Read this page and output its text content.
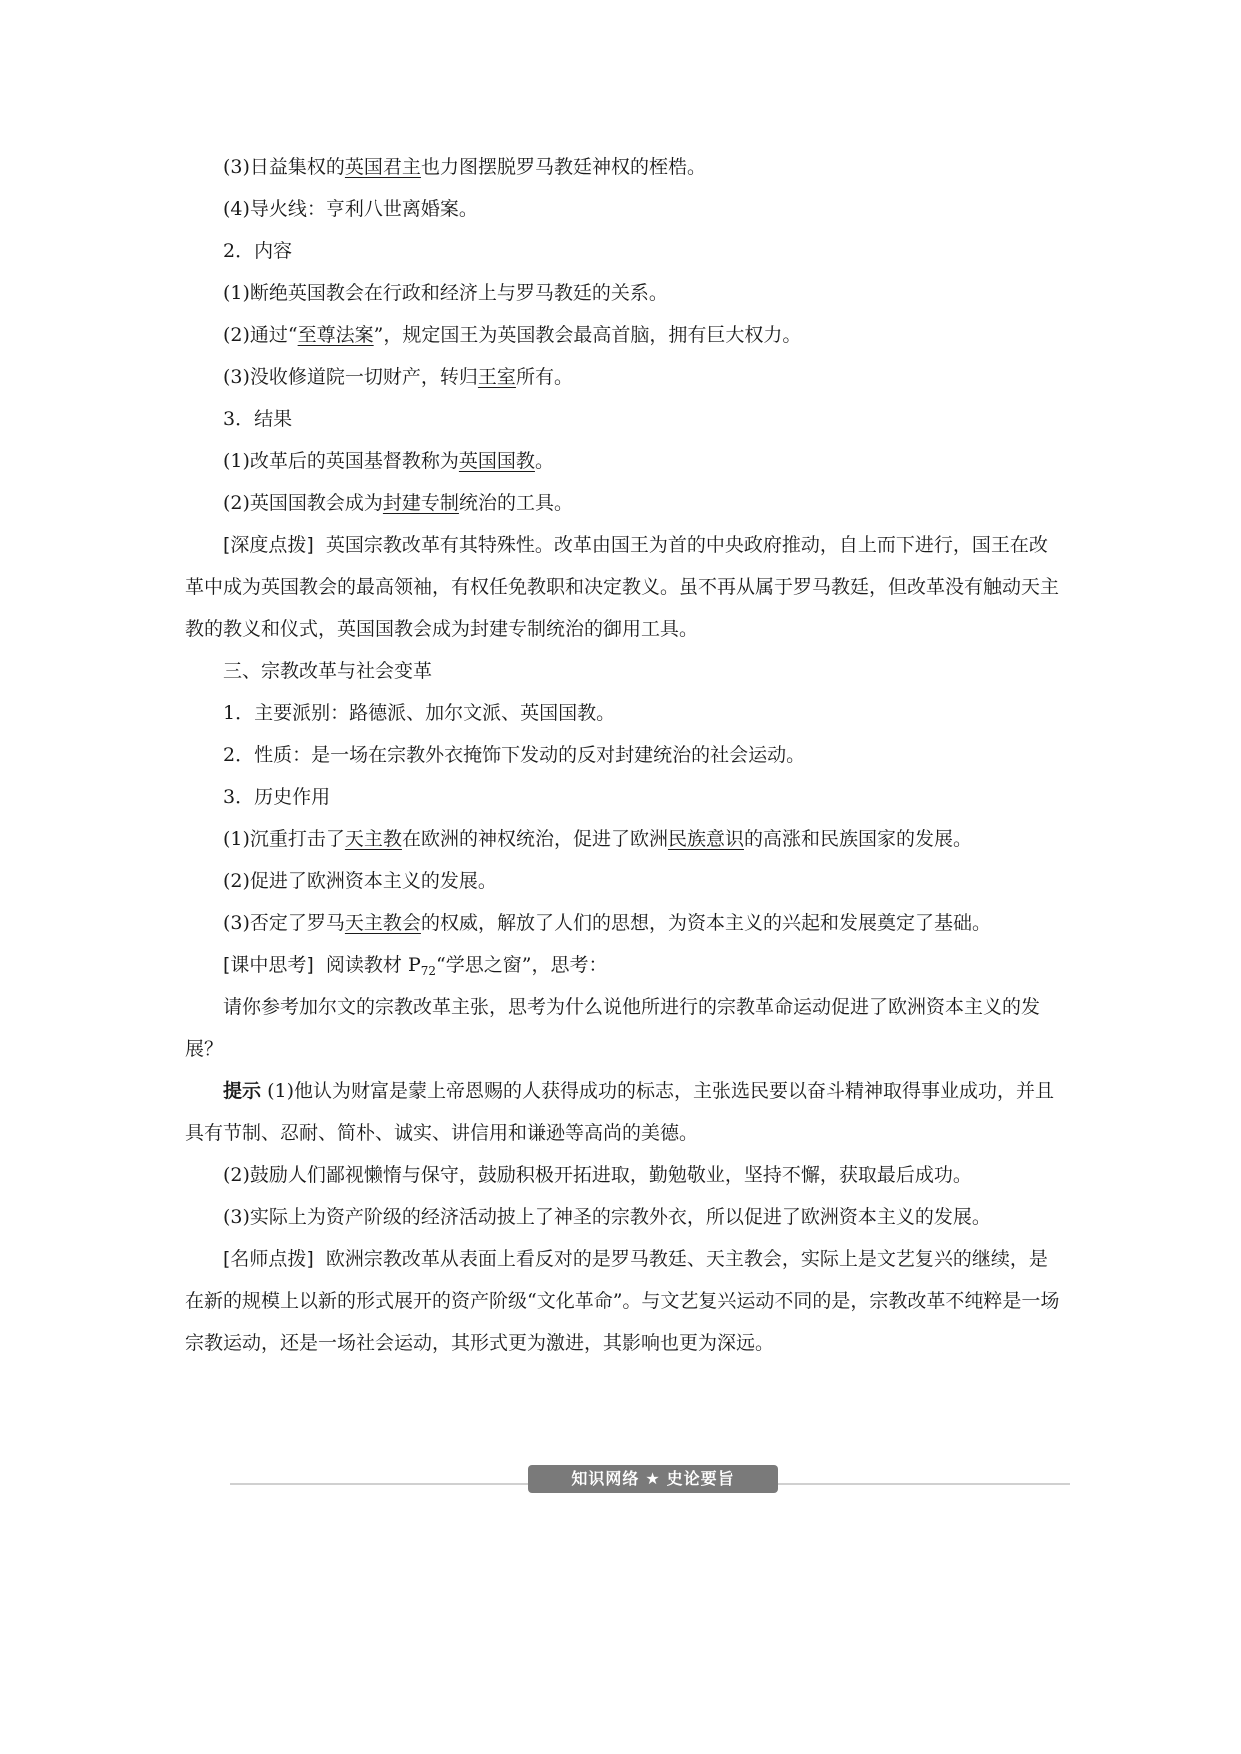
(3)日益集权的英国君主也力图摆脱罗马教廷神权的桎梏。
(4)导火线：亨利八世离婚案。
2．内容
(1)断绝英国教会在行政和经济上与罗马教廷的关系。
(2)通过“至尊法案”，规定国王为英国教会最高首脑，拥有巨大权力。
(3)没收修道院一切财产，转归王室所有。
3．结果
(1)改革后的英国基督教称为英国国教。
(2)英国国教会成为封建专制统治的工具。
[深度点拨] 英国宗教改革有其特殊性。改革由国王为首的中央政府推动，自上而下进行，国王在改革中成为英国教会的最高领袖，有权任免教职和决定教义。虽不再从属于罗马教廷，但改革没有触动天主教的教义和仪式，英国国教会成为封建专制统治的御用工具。
三、宗教改革与社会变革
1．主要派别：路德派、加尔文派、英国国教。
2．性质：是一场在宗教外衣掩饰下发动的反对封建统治的社会运动。
3．历史作用
(1)沉重打击了天主教在欧洲的神权统治，促进了欧洲民族意识的高涨和民族国家的发展。
(2)促进了欧洲资本主义的发展。
(3)否定了罗马天主教会的权威，解放了人们的思想，为资本主义的兴起和发展奠定了基础。
[课中思考] 阅读教材 $P_{72}“$学思之窗”，思考：
请你参考加尔文的宗教改革主张，思考为什么说他所进行的宗教革命运动促进了欧洲资本主义的发展？
提示 (1)他认为财富是蒙上帝恩赐的人获得成功的标志，主张选民要以奋斗精神取得事业成功，并且具有节制、忍耐、简朴、诚实、讲信用和谦逊等高尚的美德。
(2)鼓励人们鄙视懒惰与保守，鼓励积极开拓进取，勤勉敬业，坚持不懈，获取最后成功。
(3)实际上为资产阶级的经济活动披上了神圣的宗教外衣，所以促进了欧洲资本主义的发展。
[名师点拨] 欧洲宗教改革从表面上看反对的是罗马教廷、天主教会，实际上是文艺复兴的继续，是在新的规模上以新的形式展开的资产阶级“文化革命”。与文艺复兴运动不同的是，宗教改革不纯粹是一场宗教运动，还是一场社会运动，其形式更为激进，其影响也更为深远。
知识网络 ★ 史论要旨
